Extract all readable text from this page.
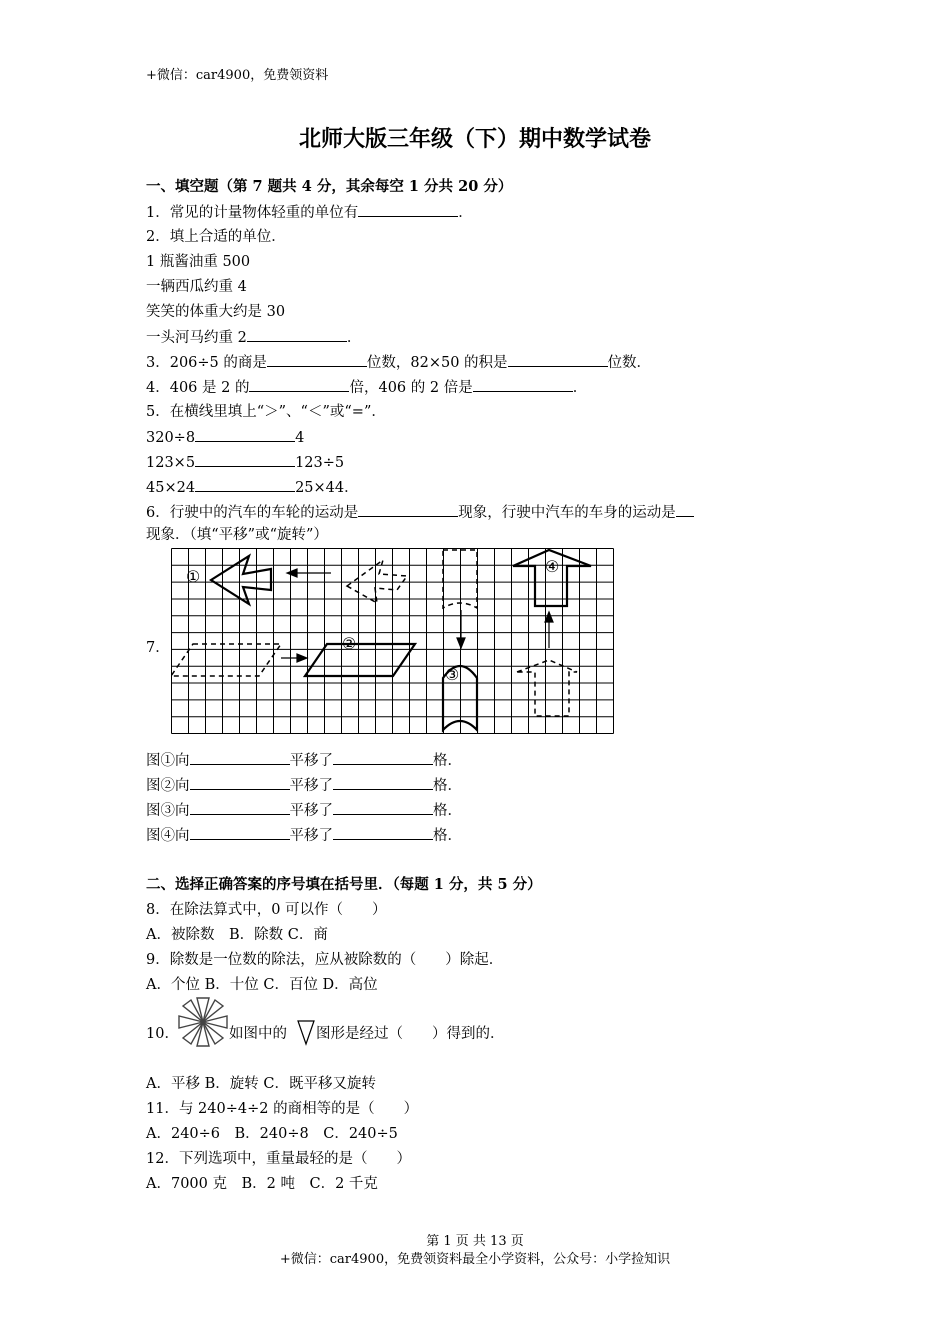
+微信：car4900，免费领资料
北师大版三年级（下）期中数学试卷
一、填空题（第 7 题共 4 分，其余每空 1 分共 20 分）
1．常见的计量物体轻重的单位有	．
2．填上合适的单位．
1 瓶酱油重 500
一辆西瓜约重 4
笑笑的体重大约是 30
一头河马约重 2	．
3．206÷5 的商是	位数，82×50 的积是	位数．
4．406 是 2 的	倍，406 的 2 倍是	．
5．在横线里填上“＞”、“＜”或“=”．
320÷8	4
123×5	123÷5
45×24	25×44．
6．行驶中的汽车的车轮的运动是	现象，行驶中汽车的车身的运动是
现象．（填“平移”或“旋转”）
7．
①
②
③
④
图①向	平移了	格．
图②向	平移了	格．
图③向	平移了	格．
图④向	平移了	格．
二、选择正确答案的序号填在括号里．（每题 1 分，共 5 分）
8．在除法算式中，0 可以作（　　）
A．被除数　B．除数 C．商
9．除数是一位数的除法，应从被除数的（　　）除起．
A．个位 B．十位 C．百位 D．高位
10．	如图中的 图形是经过（　　）得到的．
A．平移 B．旋转 C．既平移又旋转
11．与 240÷4÷2 的商相等的是（　　）
A．240÷6　B．240÷8　C．240÷5
12．下列选项中，重量最轻的是（　　）
A．7000 克　B．2 吨　C．2 千克
第 1 页 共 13 页
+微信：car4900，免费领资料最全小学资料，公众号：小学捡知识
